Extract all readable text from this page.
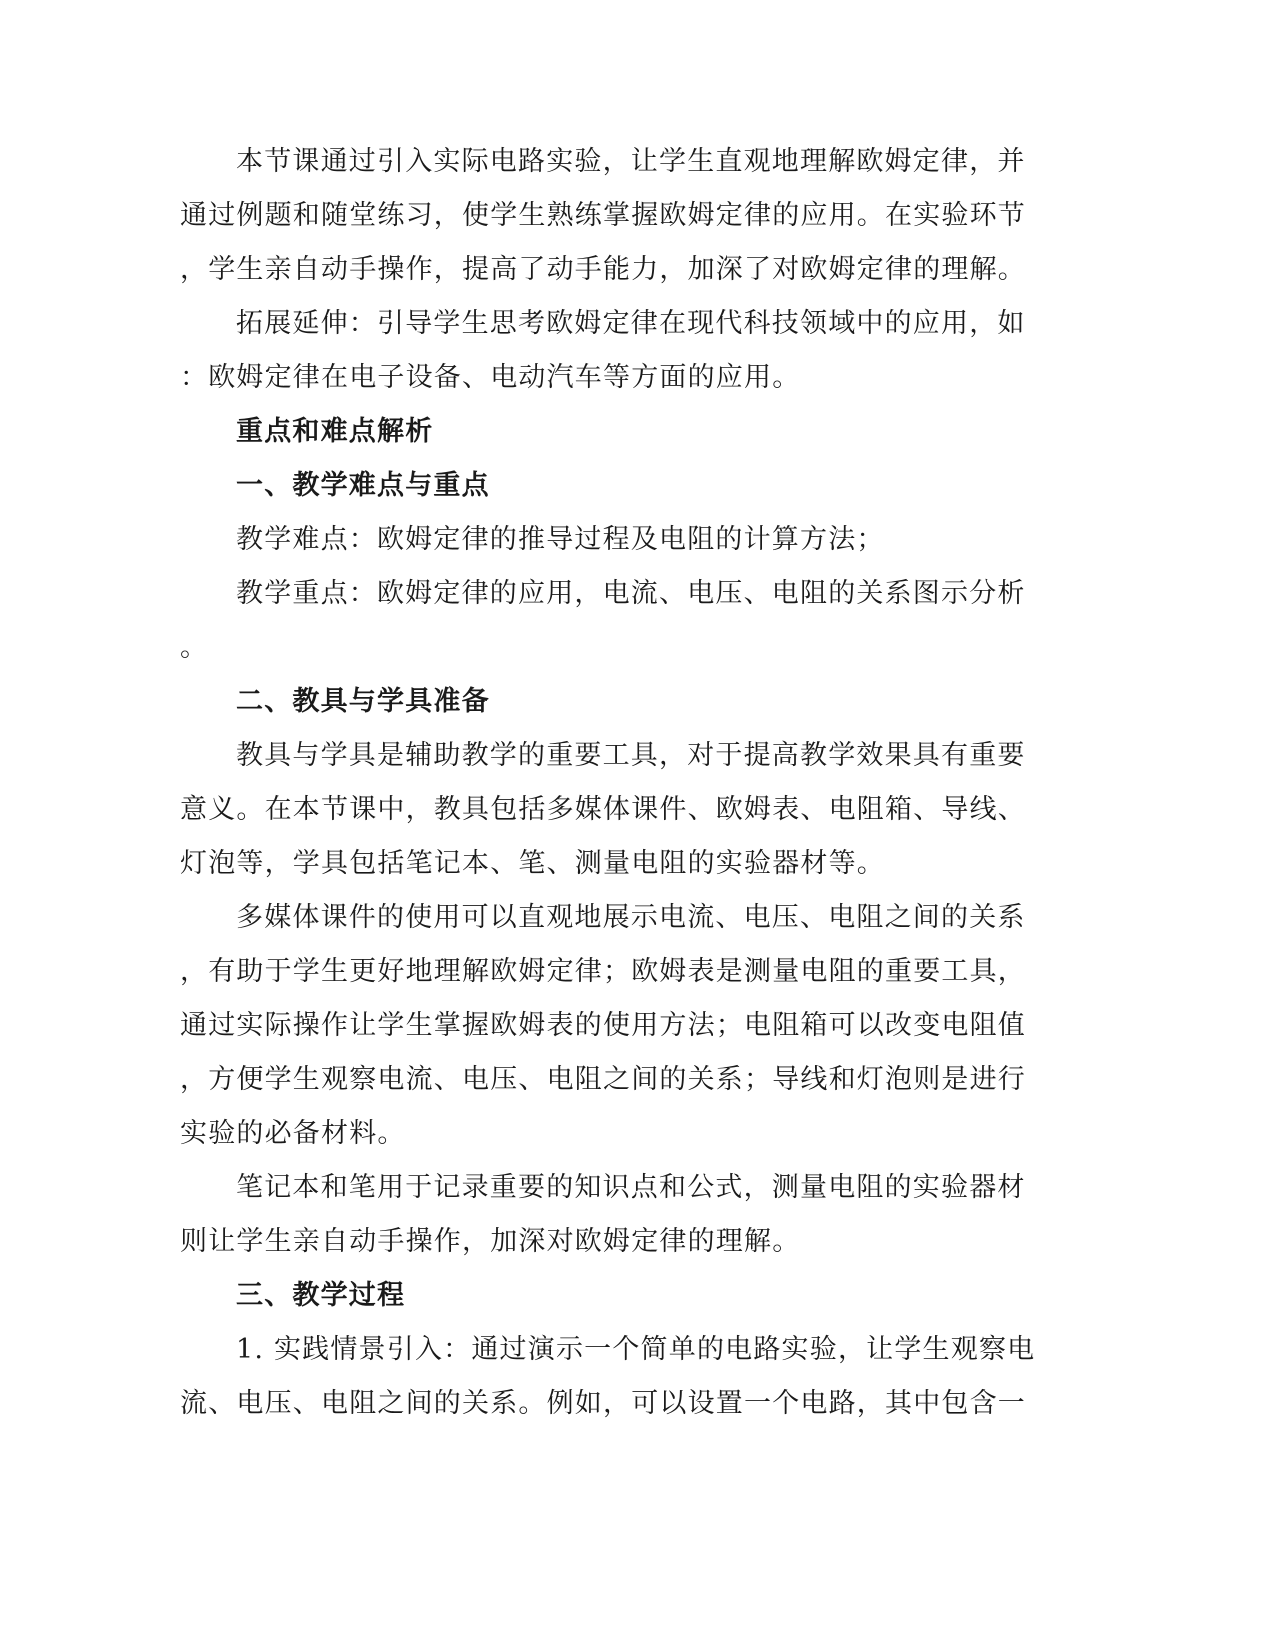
本节课通过引入实际电路实验，让学生直观地理解欧姆定律，并
通过例题和随堂练习，使学生熟练掌握欧姆定律的应用。在实验环节
，学生亲自动手操作，提高了动手能力，加深了对欧姆定律的理解。
拓展延伸：引导学生思考欧姆定律在现代科技领域中的应用，如
：欧姆定律在电子设备、电动汽车等方面的应用。
重点和难点解析
一、教学难点与重点
教学难点：欧姆定律的推导过程及电阻的计算方法；
教学重点：欧姆定律的应用，电流、电压、电阻的关系图示分析
。
二、教具与学具准备
教具与学具是辅助教学的重要工具，对于提高教学效果具有重要
意义。在本节课中，教具包括多媒体课件、欧姆表、电阻箱、导线、
灯泡等，学具包括笔记本、笔、测量电阻的实验器材等。
多媒体课件的使用可以直观地展示电流、电压、电阻之间的关系
，有助于学生更好地理解欧姆定律；欧姆表是测量电阻的重要工具，
通过实际操作让学生掌握欧姆表的使用方法；电阻箱可以改变电阻值
，方便学生观察电流、电压、电阻之间的关系；导线和灯泡则是进行
实验的必备材料。
笔记本和笔用于记录重要的知识点和公式，测量电阻的实验器材
则让学生亲自动手操作，加深对欧姆定律的理解。
三、教学过程
1. 实践情景引入：通过演示一个简单的电路实验，让学生观察电
流、电压、电阻之间的关系。例如，可以设置一个电路，其中包含一
